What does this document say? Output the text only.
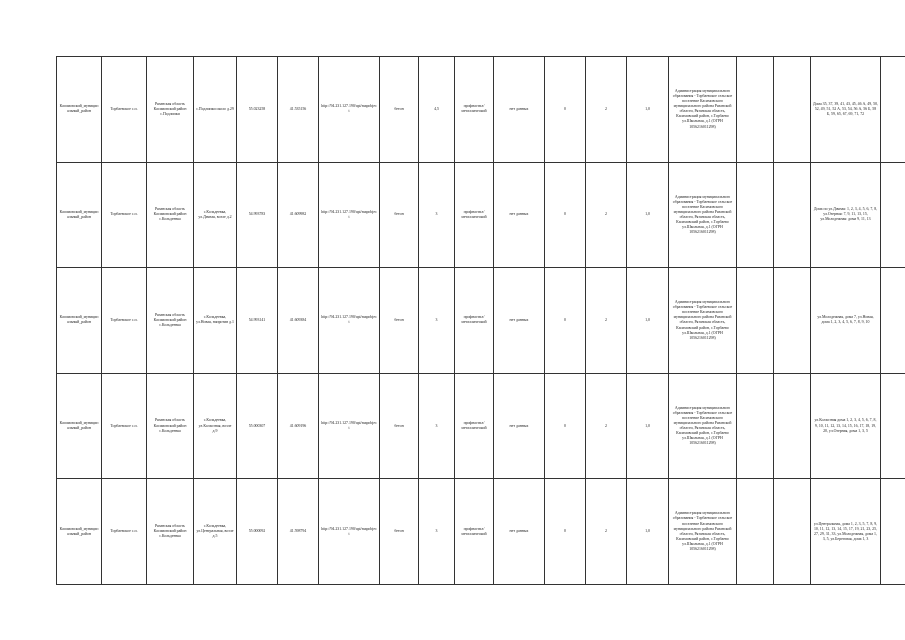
Касимовский_муниципальный_район	Торбаевское с.п.	Рязанская область Касимовский район с.Подлипки	с.Подлипки около д.29	55.023258	41.535156	http://94.231.127.190/api/mapobject	бетон	4,5	профнастил/металлический	нет данных	0	2	1,0	Администрация муниципального образования - Торбаевское сельское поселение Касимовского муниципального района Рязанской области, Рязанская область, Касимовский район, с.Торбаево ул.Школьная, д.1 (ОГРН 1056216011298)			Дома 35, 37, 39, 41, 43, 45, 46 А, 49, 50, 52, 49, 51, 52 А, 53, 54, 56 А, 56 Б, 58 Б, 59, 65, 67, 69, 71, 72	
Касимовский_муниципальный_район	Торбаевское с.п.	Рязанская область Касимовский район с.Кольдеевка	с.Кольдеевка, ул.Дачная, возле д.2	54.993783	41.609982	http://94.231.127.190/api/mapobject	бетон	3	профнастил/металлический	нет данных	0	2	1,0	Администрация муниципального образования - Торбаевское сельское поселение Касимовского муниципального района Рязанской области, Рязанская область, Касимовский район, с.Торбаево ул.Школьная, д.1 (ОГРН 1056216011298)			Дома по ул.Дачная: 1, 2, 3, 4, 5, 6, 7, 8, ул.Озерная: 7, 9, 11, 13, 15, ул.Молодежная: дома 9, 11, 13	
Касимовский_муниципальный_район	Торбаевское с.п.	Рязанская область Касимовский район с.Кольдеевка	с.Кольдеевка, ул.Новая, напротив д.1	54.993141	41.609384	http://94.231.127.190/api/mapobject	бетон	3	профнастил/металлический	нет данных	0	2	1,0	Администрация муниципального образования - Торбаевское сельское поселение Касимовского муниципального района Рязанской области, Рязанская область, Касимовский район, с.Торбаево ул.Школьная, д.1 (ОГРН 1056216011298)			ул.Молодежная, дома 7, ул.Новая, дома 1, 2, 3, 4, 5, 6, 7, 8, 9, 10	
Касимовский_муниципальный_район	Торбаевское с.п.	Рязанская область Касимовский район с.Кольдеевка	с.Кольдеевка, ул.Колхозная, возле д.9	55.000307	41.609196	http://94.231.127.190/api/mapobject	бетон	3	профнастил/металлический	нет данных	0	2	1,0	Администрация муниципального образования - Торбаевское сельское поселение Касимовского муниципального района Рязанской области, Рязанская область, Касимовский район, с.Торбаево ул.Школьная, д.1 (ОГРН 1056216011298)			ул.Колхозная дома 1, 2, 3, 4, 5, 6, 7, 8, 9, 10, 11, 12, 13, 14, 15, 16, 17, 18, 19, 20, ул.Озерная, дома 1, 3, 5	
Касимовский_муниципальный_район	Торбаевское с.п.	Рязанская область Касимовский район с.Кольдеевка	с.Кольдеевка, ул.Центральная, возле д.5	55.000092	41.598794	http://94.231.127.190/api/mapobject	бетон	3	профнастил/металлический	нет данных	0	2	1,0	Администрация муниципального образования - Торбаевское сельское поселение Касимовского муниципального района Рязанской области, Рязанская область, Касимовский район, с.Торбаево ул.Школьная, д.1 (ОГРН 1056216011298)			ул.Центральная, дома 1, 2, 3, 5, 7, 8, 9, 10, 11, 12, 13, 14, 15, 17, 19, 21, 23, 25, 27, 29, 31, 33, ул.Молодежная, дома 1, 3, 5, ул.Береговая, дома 1, 3	
